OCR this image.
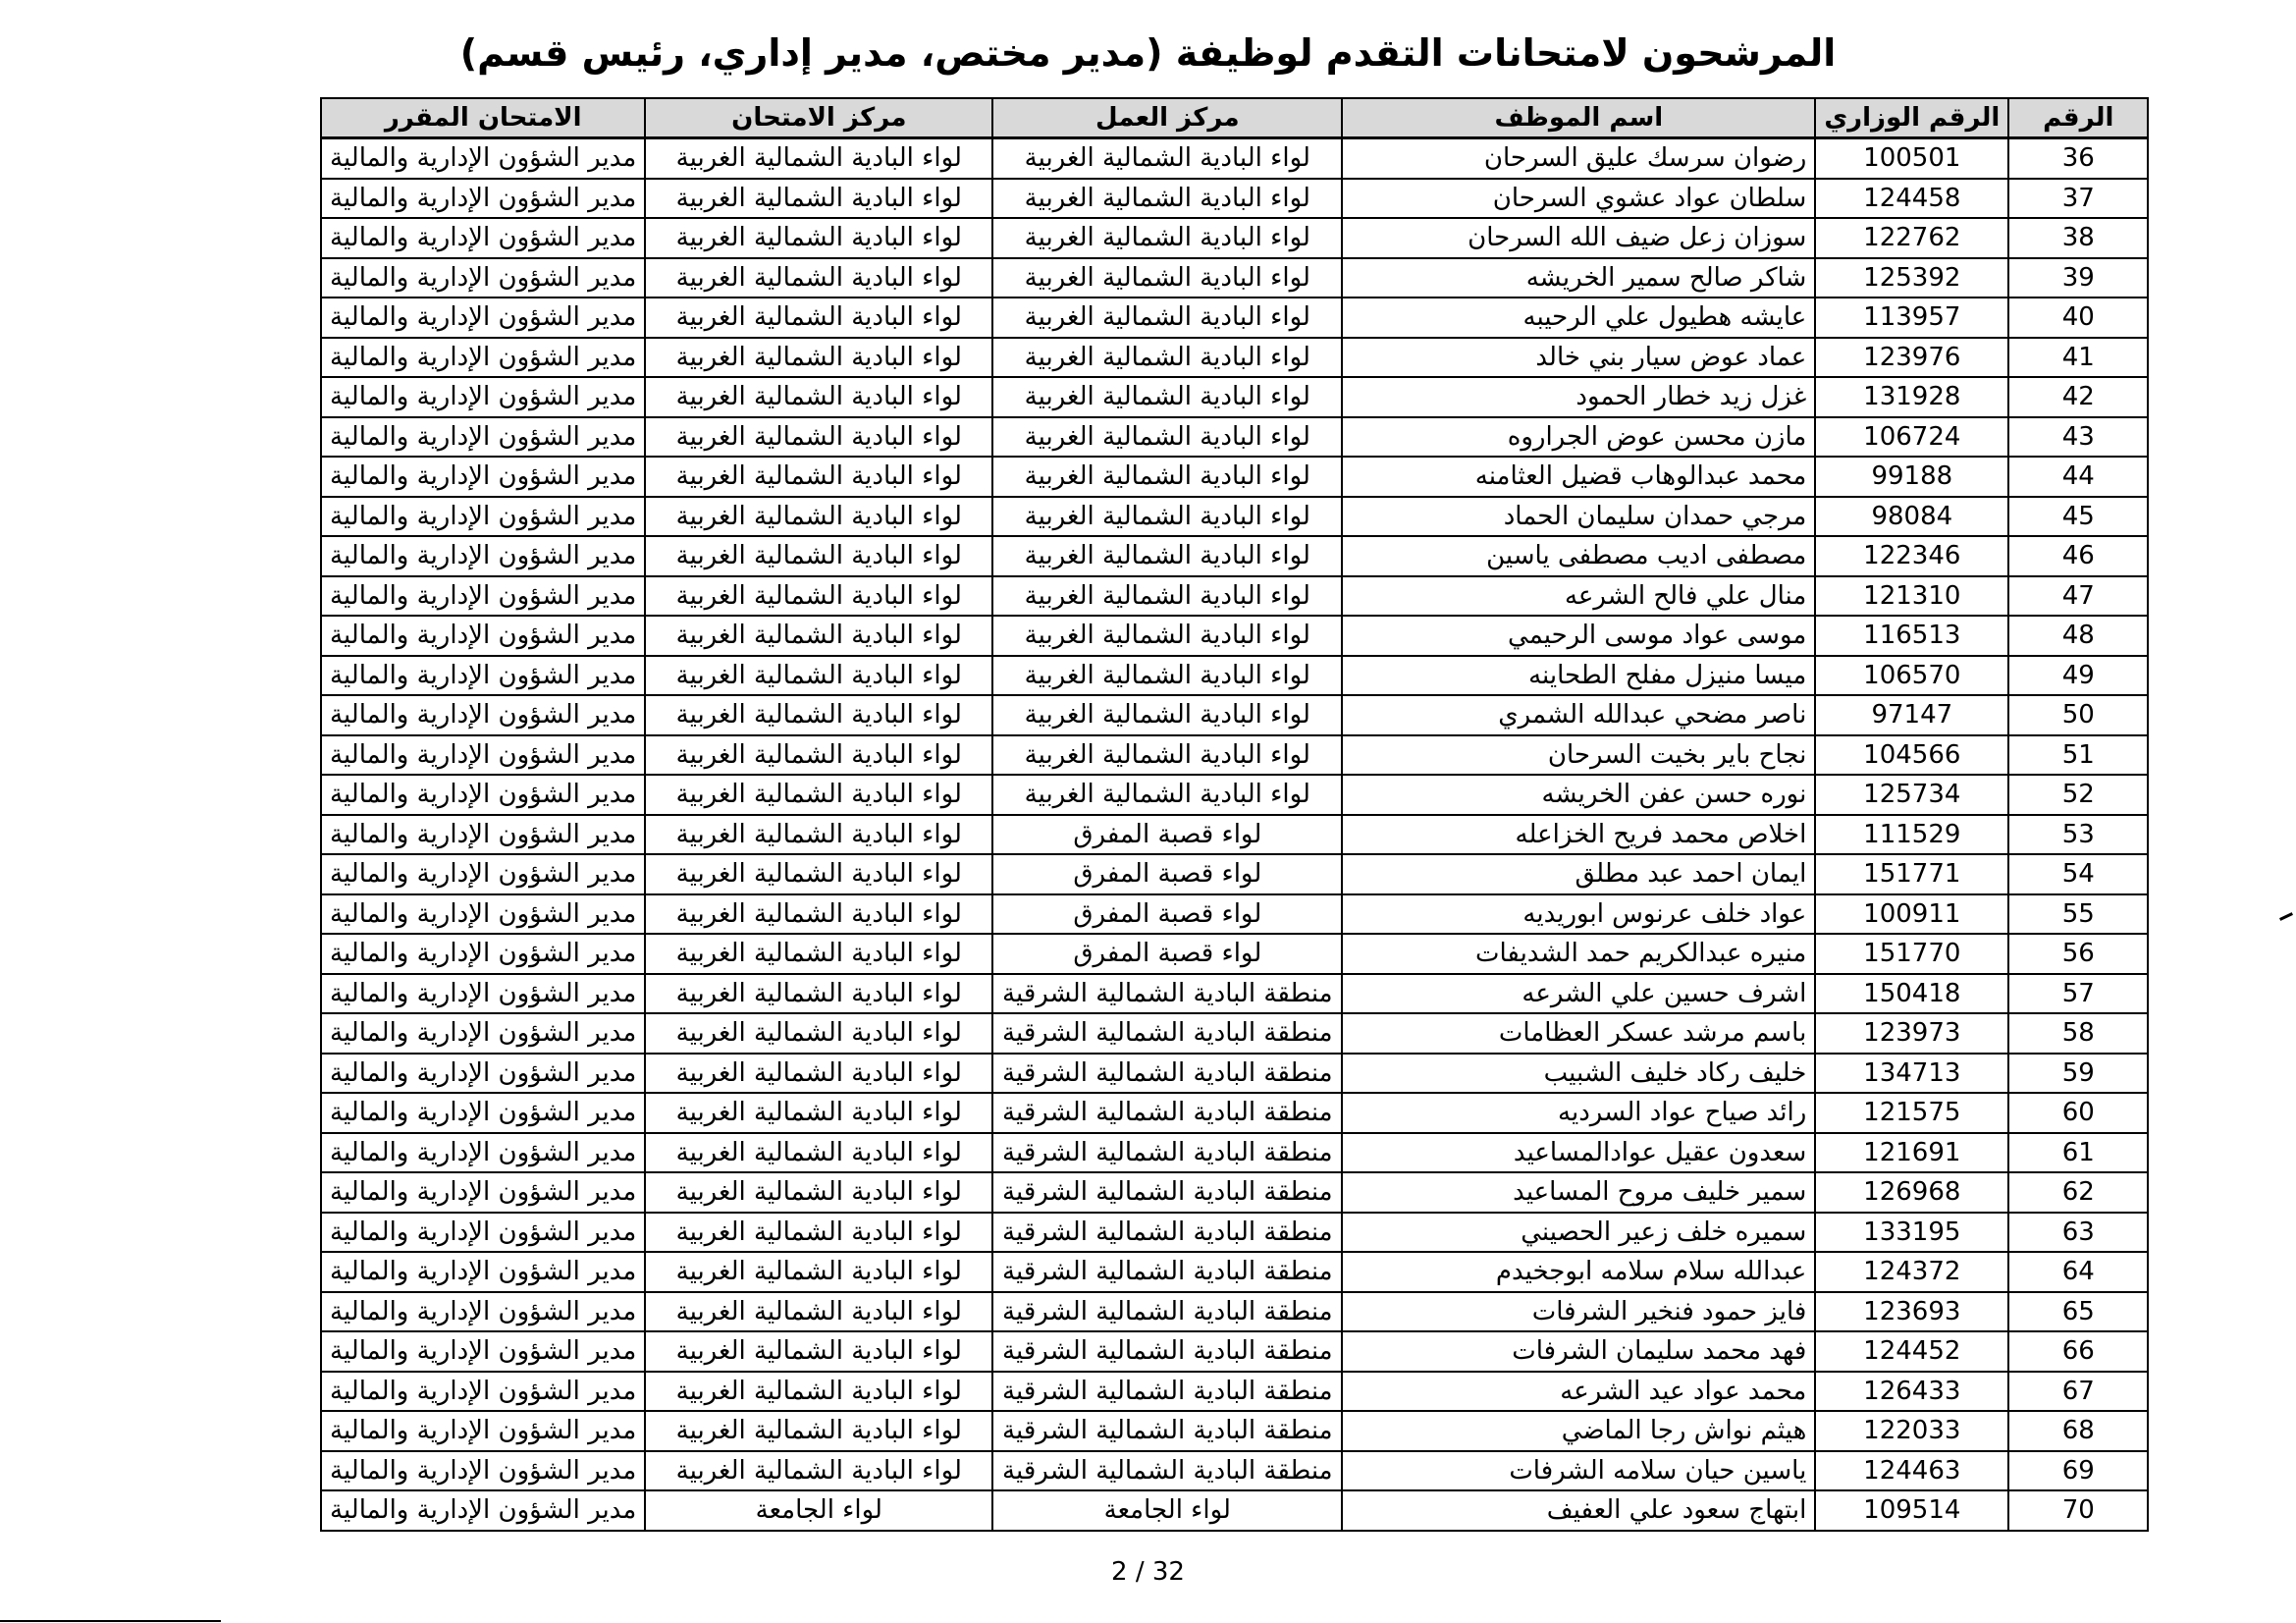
المرشحون لامتحانات التقدم لوظيفة (مدير مختص، مدير إداري، رئيس قسم)
الرقم	الرقم الوزاري	اسم الموظف	مركز العمل	مركز الامتحان	الامتحان المقرر
36	100501	رضوان سرسك عليق السرحان	لواء البادية الشمالية الغربية	لواء البادية الشمالية الغربية	مدير الشؤون الإدارية والمالية
37	124458	سلطان عواد عشوي السرحان	لواء البادية الشمالية الغربية	لواء البادية الشمالية الغربية	مدير الشؤون الإدارية والمالية
38	122762	سوزان زعل ضيف الله السرحان	لواء البادية الشمالية الغربية	لواء البادية الشمالية الغربية	مدير الشؤون الإدارية والمالية
39	125392	شاكر صالح سمير الخريشه	لواء البادية الشمالية الغربية	لواء البادية الشمالية الغربية	مدير الشؤون الإدارية والمالية
40	113957	عايشه هطيول علي الرحيبه	لواء البادية الشمالية الغربية	لواء البادية الشمالية الغربية	مدير الشؤون الإدارية والمالية
41	123976	عماد عوض سيار بني خالد	لواء البادية الشمالية الغربية	لواء البادية الشمالية الغربية	مدير الشؤون الإدارية والمالية
42	131928	غزل زيد خطار الحمود	لواء البادية الشمالية الغربية	لواء البادية الشمالية الغربية	مدير الشؤون الإدارية والمالية
43	106724	مازن محسن عوض الجراروه	لواء البادية الشمالية الغربية	لواء البادية الشمالية الغربية	مدير الشؤون الإدارية والمالية
44	99188	محمد عبدالوهاب قضيل العثامنه	لواء البادية الشمالية الغربية	لواء البادية الشمالية الغربية	مدير الشؤون الإدارية والمالية
45	98084	مرجي حمدان سليمان الحماد	لواء البادية الشمالية الغربية	لواء البادية الشمالية الغربية	مدير الشؤون الإدارية والمالية
46	122346	مصطفى اديب مصطفى ياسين	لواء البادية الشمالية الغربية	لواء البادية الشمالية الغربية	مدير الشؤون الإدارية والمالية
47	121310	منال علي فالح الشرعه	لواء البادية الشمالية الغربية	لواء البادية الشمالية الغربية	مدير الشؤون الإدارية والمالية
48	116513	موسى عواد موسى الرحيمي	لواء البادية الشمالية الغربية	لواء البادية الشمالية الغربية	مدير الشؤون الإدارية والمالية
49	106570	ميسا منيزل مفلح الطحاينه	لواء البادية الشمالية الغربية	لواء البادية الشمالية الغربية	مدير الشؤون الإدارية والمالية
50	97147	ناصر مضحي عبدالله الشمري	لواء البادية الشمالية الغربية	لواء البادية الشمالية الغربية	مدير الشؤون الإدارية والمالية
51	104566	نجاح باير بخيت السرحان	لواء البادية الشمالية الغربية	لواء البادية الشمالية الغربية	مدير الشؤون الإدارية والمالية
52	125734	نوره حسن عفن الخريشه	لواء البادية الشمالية الغربية	لواء البادية الشمالية الغربية	مدير الشؤون الإدارية والمالية
53	111529	اخلاص محمد فريح الخزاعله	لواء قصبة المفرق	لواء البادية الشمالية الغربية	مدير الشؤون الإدارية والمالية
54	151771	ايمان احمد عبد مطلق	لواء قصبة المفرق	لواء البادية الشمالية الغربية	مدير الشؤون الإدارية والمالية
55	100911	عواد خلف عرنوس ابوريديه	لواء قصبة المفرق	لواء البادية الشمالية الغربية	مدير الشؤون الإدارية والمالية
56	151770	منيره عبدالكريم حمد الشديفات	لواء قصبة المفرق	لواء البادية الشمالية الغربية	مدير الشؤون الإدارية والمالية
57	150418	اشرف حسين علي الشرعه	منطقة البادية الشمالية الشرقية	لواء البادية الشمالية الغربية	مدير الشؤون الإدارية والمالية
58	123973	باسم مرشد عسكر العظامات	منطقة البادية الشمالية الشرقية	لواء البادية الشمالية الغربية	مدير الشؤون الإدارية والمالية
59	134713	خليف ركاد خليف الشبيب	منطقة البادية الشمالية الشرقية	لواء البادية الشمالية الغربية	مدير الشؤون الإدارية والمالية
60	121575	رائد صياح عواد السرديه	منطقة البادية الشمالية الشرقية	لواء البادية الشمالية الغربية	مدير الشؤون الإدارية والمالية
61	121691	سعدون عقيل عوادالمساعيد	منطقة البادية الشمالية الشرقية	لواء البادية الشمالية الغربية	مدير الشؤون الإدارية والمالية
62	126968	سمير خليف مروح المساعيد	منطقة البادية الشمالية الشرقية	لواء البادية الشمالية الغربية	مدير الشؤون الإدارية والمالية
63	133195	سميره خلف زعير الحصيني	منطقة البادية الشمالية الشرقية	لواء البادية الشمالية الغربية	مدير الشؤون الإدارية والمالية
64	124372	عبدالله سلام سلامه ابوجخيدم	منطقة البادية الشمالية الشرقية	لواء البادية الشمالية الغربية	مدير الشؤون الإدارية والمالية
65	123693	فايز حمود فنخير الشرفات	منطقة البادية الشمالية الشرقية	لواء البادية الشمالية الغربية	مدير الشؤون الإدارية والمالية
66	124452	فهد محمد سليمان الشرفات	منطقة البادية الشمالية الشرقية	لواء البادية الشمالية الغربية	مدير الشؤون الإدارية والمالية
67	126433	محمد عواد عيد الشرعه	منطقة البادية الشمالية الشرقية	لواء البادية الشمالية الغربية	مدير الشؤون الإدارية والمالية
68	122033	هيثم نواش رجا الماضي	منطقة البادية الشمالية الشرقية	لواء البادية الشمالية الغربية	مدير الشؤون الإدارية والمالية
69	124463	ياسين حيان سلامه الشرفات	منطقة البادية الشمالية الشرقية	لواء البادية الشمالية الغربية	مدير الشؤون الإدارية والمالية
70	109514	ابتهاج سعود علي العفيف	لواء الجامعة	لواء الجامعة	مدير الشؤون الإدارية والمالية
2 / 32
